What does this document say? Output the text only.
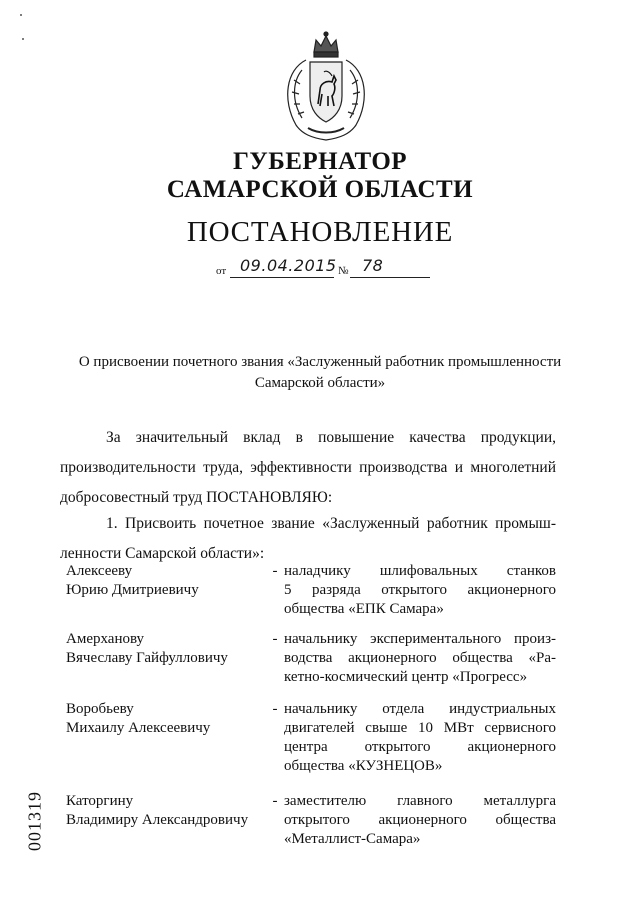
ГУБЕРНАТОР
САМАРСКОЙ ОБЛАСТИ
ПОСТАНОВЛЕНИЕ
от 09.04.2015 № 78
О присвоении почетного звания «Заслуженный работник промышленности
Самарской области»
За значительный вклад в повышение качества продукции,
производительности труда, эффективности производства и многолетний
добросовестный труд ПОСТАНОВЛЯЮ:
1. Присвоить почетное звание «Заслуженный работник промыш-
ленности Самарской области»:
Алексееву
Юрию Дмитриевичу
- наладчику шлифовальных станков
5 разряда открытого акционерного
общества «ЕПК Самара»
Амерханову
Вячеславу Гайфулловичу
- начальнику экспериментального произ-
водства акционерного общества «Ра-
кетно-космический центр «Прогресс»
Воробьеву
Михаилу Алексеевичу
- начальнику отдела индустриальных
двигателей свыше 10 МВт сервисного
центра открытого акционерного
общества «КУЗНЕЦОВ»
Каторгину
Владимиру Александровичу
- заместителю главного металлурга
открытого акционерного общества
«Металлист-Самара»
001319
